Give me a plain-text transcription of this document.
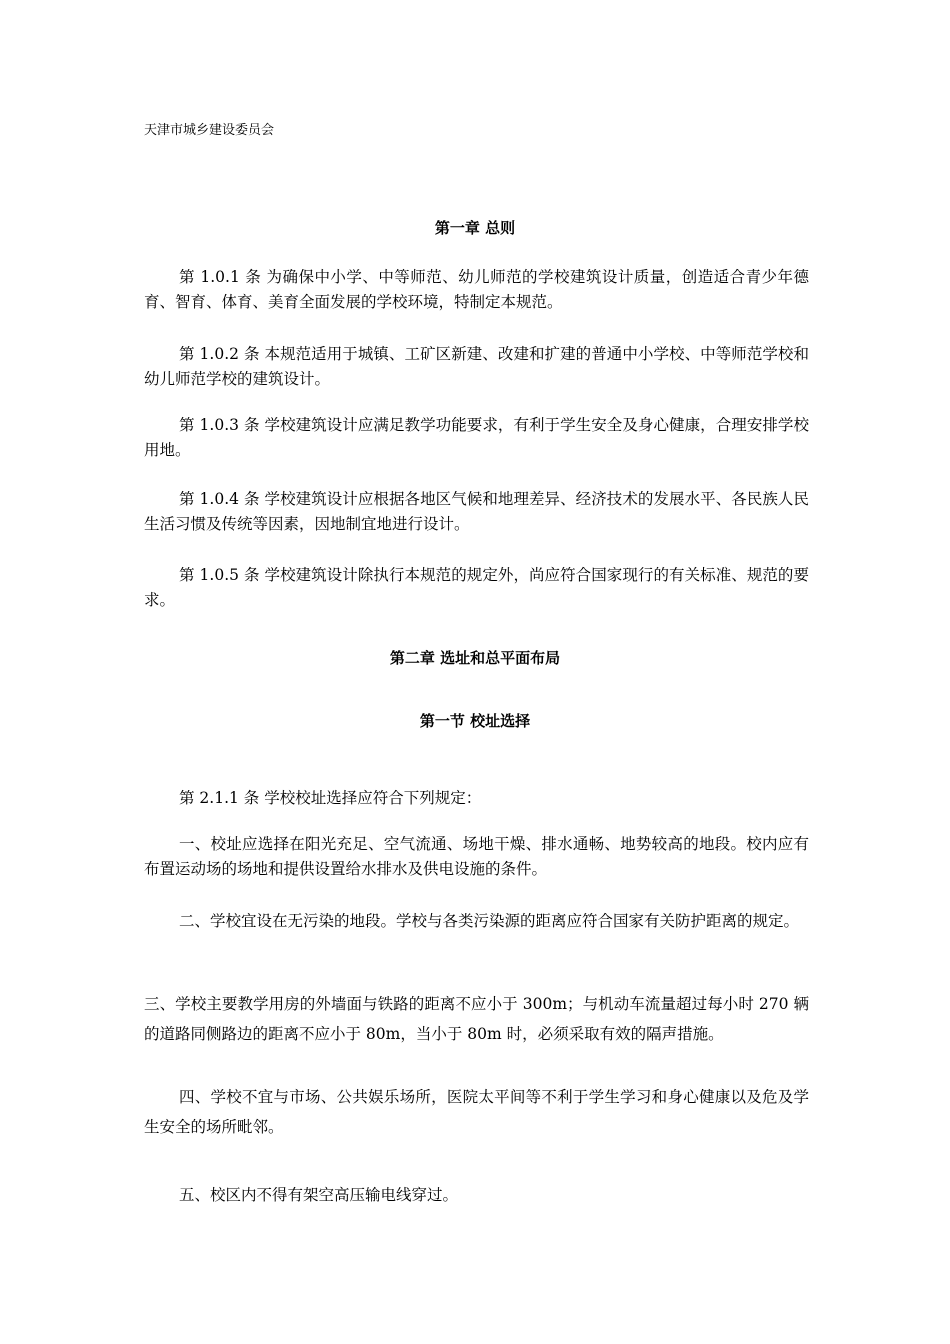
天津市城乡建设委员会
第一章 总则
第 1.0.1 条 为确保中小学、中等师范、幼儿师范的学校建筑设计质量，创造适合青少年德育、智育、体育、美育全面发展的学校环境，特制定本规范。
第 1.0.2 条 本规范适用于城镇、工矿区新建、改建和扩建的普通中小学校、中等师范学校和幼儿师范学校的建筑设计。
第 1.0.3 条 学校建筑设计应满足教学功能要求，有利于学生安全及身心健康，合理安排学校用地。
第 1.0.4 条 学校建筑设计应根据各地区气候和地理差异、经济技术的发展水平、各民族人民生活习惯及传统等因素，因地制宜地进行设计。
第 1.0.5 条 学校建筑设计除执行本规范的规定外，尚应符合国家现行的有关标准、规范的要求。
第二章 选址和总平面布局
第一节 校址选择
第 2.1.1 条 学校校址选择应符合下列规定：
一、校址应选择在阳光充足、空气流通、场地干燥、排水通畅、地势较高的地段。校内应有布置运动场的场地和提供设置给水排水及供电设施的条件。
二、学校宜设在无污染的地段。学校与各类污染源的距离应符合国家有关防护距离的规定。
三、学校主要教学用房的外墙面与铁路的距离不应小于 300m；与机动车流量超过每小时 270 辆的道路同侧路边的距离不应小于 80m，当小于 80m 时，必须采取有效的隔声措施。
四、学校不宜与市场、公共娱乐场所，医院太平间等不利于学生学习和身心健康以及危及学生安全的场所毗邻。
五、校区内不得有架空高压输电线穿过。
